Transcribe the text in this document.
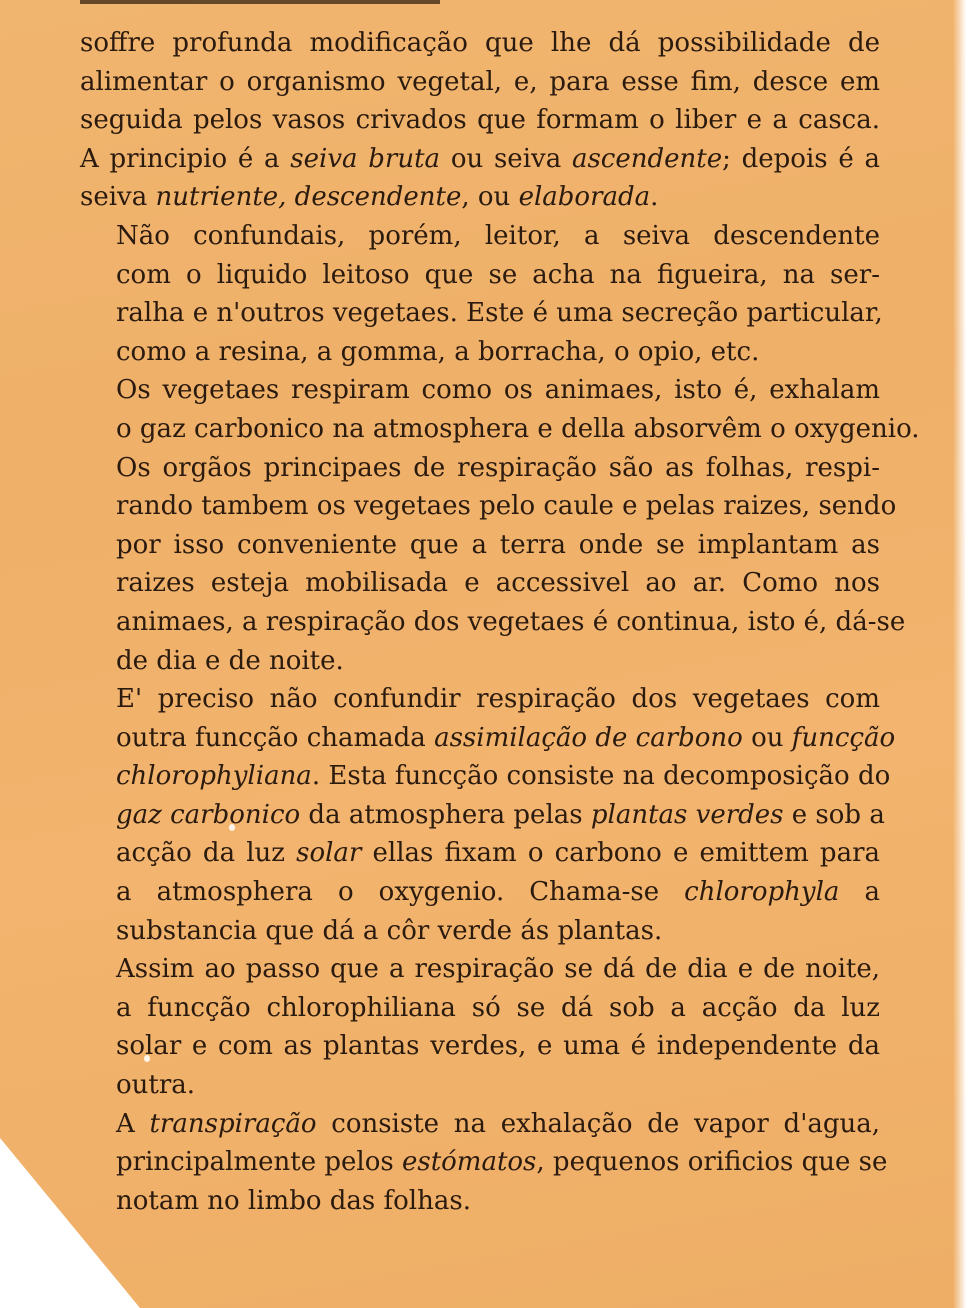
soffre profunda modificação que lhe dá possibilidade de
alimentar o organismo vegetal, e, para esse fim, desce em
seguida pelos vasos crivados que formam o liber e a casca.
A principio é a seiva bruta ou seiva ascendente; depois é a
seiva nutriente, descendente, ou elaborada.

Não confundais, porém, leitor, a seiva descendente
com o liquido leitoso que se acha na figueira, na ser-
ralha e n'outros vegetaes. Este é uma secreção particular,
como a resina, a gomma, a borracha, o opio, etc.

Os vegetaes respiram como os animaes, isto é, exhalam
o gaz carbonico na atmosphera e della absorvêm o oxygenio.
Os orgãos principaes de respiração são as folhas, respi-
rando tambem os vegetaes pelo caule e pelas raizes, sendo
por isso conveniente que a terra onde se implantam as
raizes esteja mobilisada e accessivel ao ar. Como nos
animaes, a respiração dos vegetaes é continua, isto é, dá-se
de dia e de noite.

E' preciso não confundir respiração dos vegetaes com
outra funcção chamada assimilação de carbono ou funcção
chlorophyliana. Esta funcção consiste na decomposição do
gaz carbonico da atmosphera pelas plantas verdes e sob a
acção da luz solar ellas fixam o carbono e emittem para
a atmosphera o oxygenio. Chama-se chlorophyla a
substancia que dá a côr verde ás plantas.

Assim ao passo que a respiração se dá de dia e de noite,
a funcção chlorophiliana só se dá sob a acção da luz
solar e com as plantas verdes, e uma é independente da
outra.

A transpiração consiste na exhalação de vapor d'agua,
principalmente pelos estómatos, pequenos orificios que se
notam no limbo das folhas.
